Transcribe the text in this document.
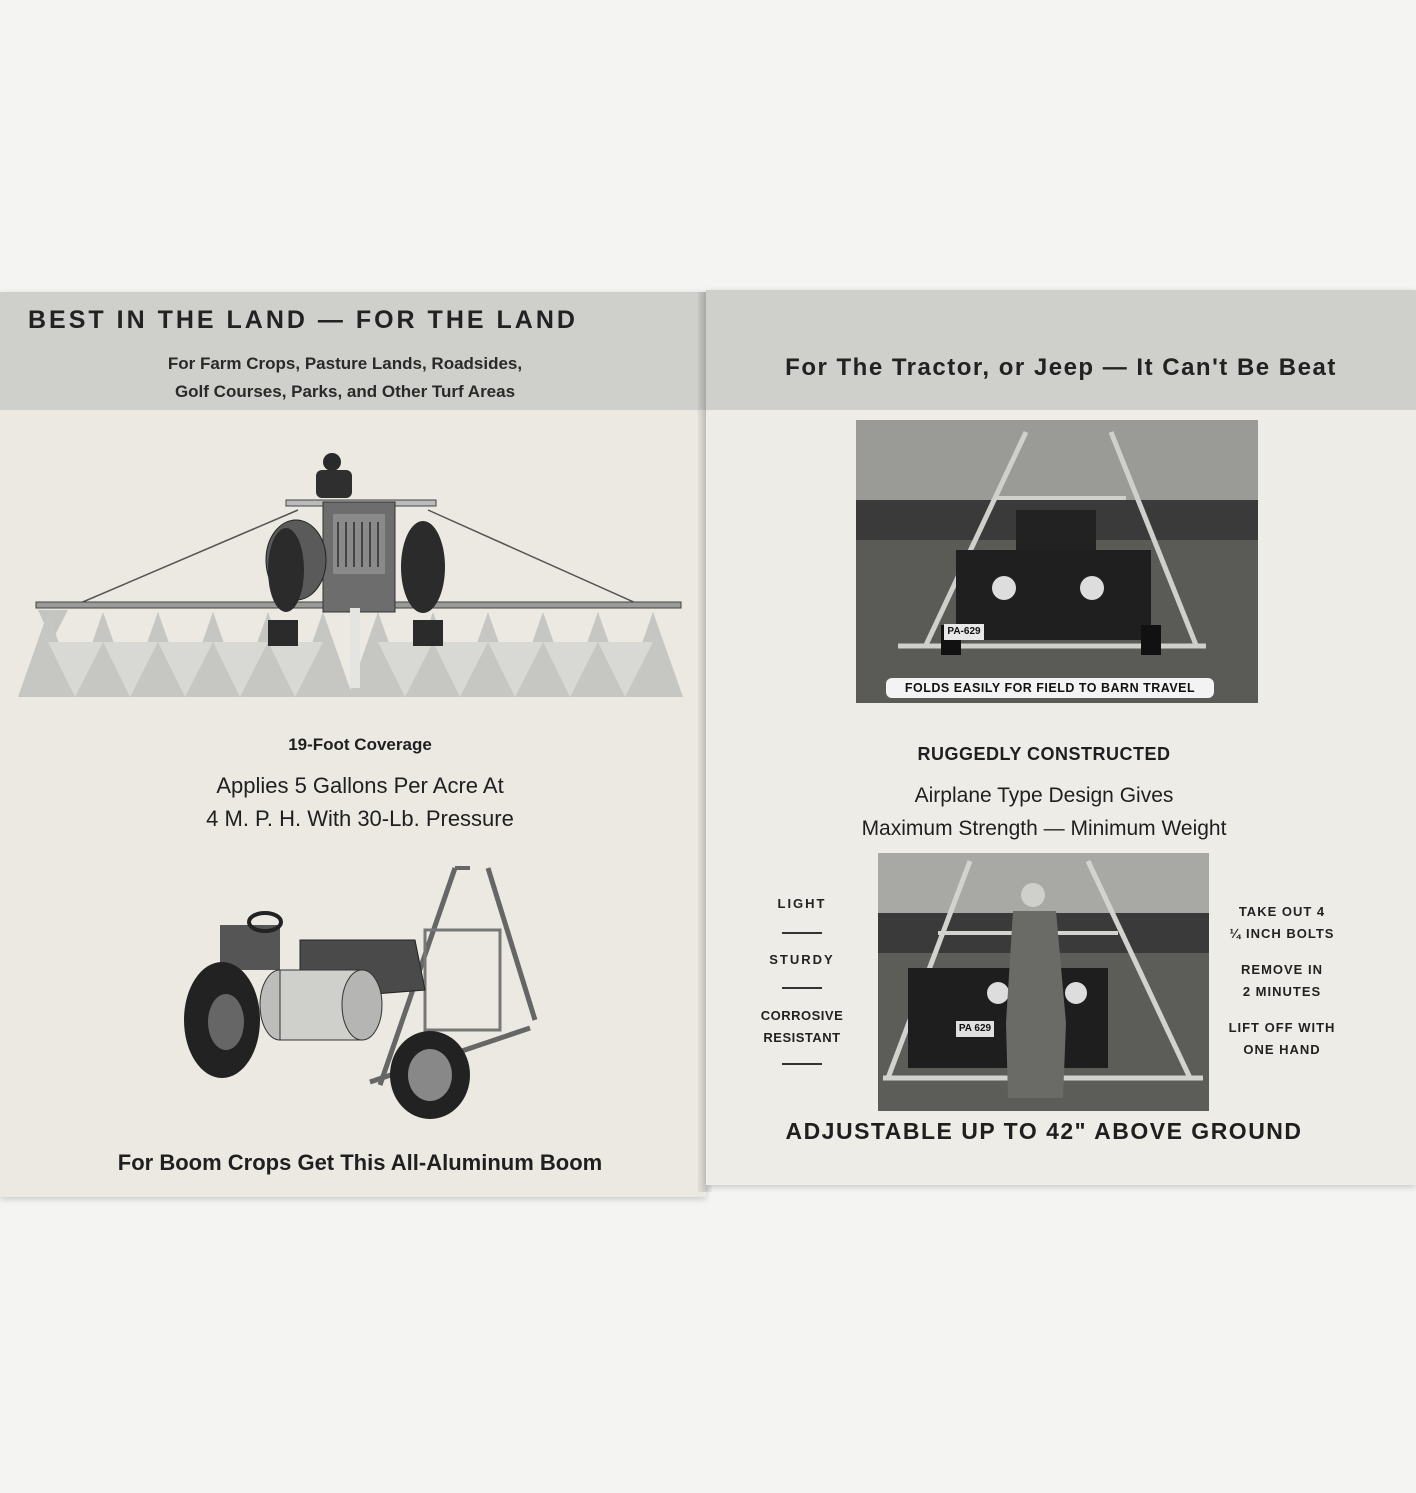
BEST IN THE LAND — FOR THE LAND
For Farm Crops, Pasture Lands, Roadsides,
Golf Courses, Parks, and Other Turf Areas
19-Foot Coverage
Applies 5 Gallons Per Acre At
4 M. P. H. With 30-Lb. Pressure
For Boom Crops Get This All-Aluminum Boom
For The Tractor, or Jeep — It Can't Be Beat
PA-629
FOLDS EASILY FOR FIELD TO BARN TRAVEL
RUGGEDLY CONSTRUCTED
Airplane Type Design Gives
Maximum Strength — Minimum Weight
LIGHT
STURDY
CORROSIVE
RESISTANT
PA 629
TAKE OUT 4
¼ INCH BOLTS
REMOVE IN
2 MINUTES
LIFT OFF WITH
ONE HAND
ADJUSTABLE UP TO 42" ABOVE GROUND
